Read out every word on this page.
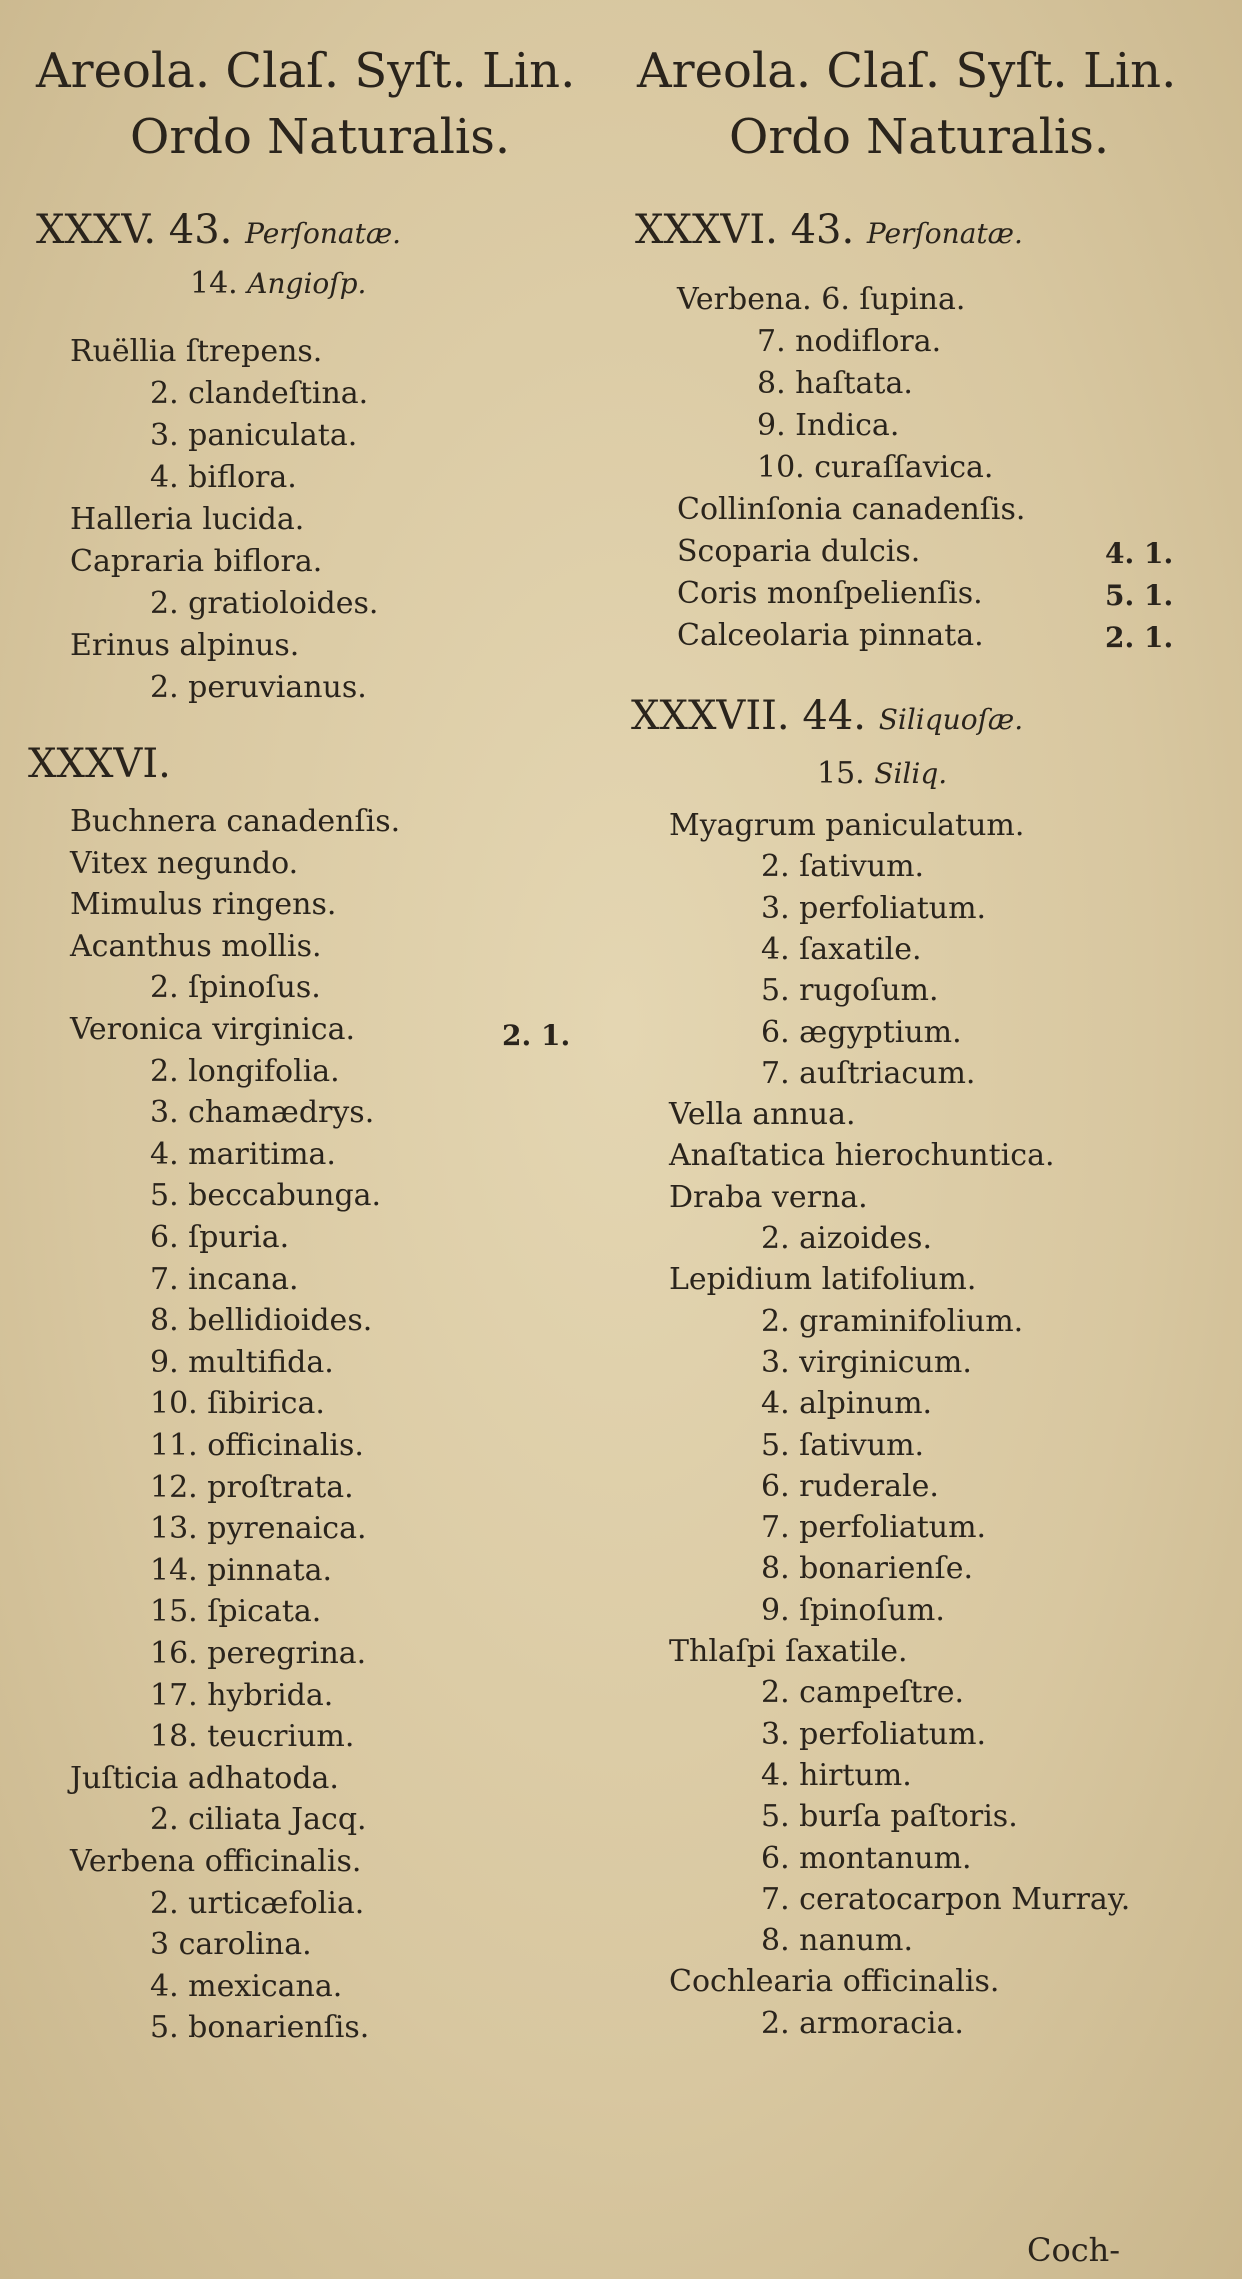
Areola. Claſ. Syſt. Lin.
Ordo Naturalis.
XXXV. 43. Perſonatæ.
14. Angioſp.
Ruëllia ſtrepens.
2. clandeſtina.
3. paniculata.
4. biflora.
Halleria lucida.
Capraria biflora.
2. gratioloides.
Erinus alpinus.
2. peruvianus.
XXXVI.
Buchnera canadenſis.
Vitex negundo.
Mimulus ringens.
Acanthus mollis.
2. ſpinoſus.
Veronica virginica.
2. longifolia.
3. chamædrys.
4. maritima.
5. beccabunga.
6. ſpuria.
7. incana.
8. bellidioides.
9. multifida.
10. ſibirica.
11. officinalis.
12. proſtrata.
13. pyrenaica.
14. pinnata.
15. ſpicata.
16. peregrina.
17. hybrida.
18. teucrium.
Juſticia adhatoda.
2. ciliata Jacq.
Verbena officinalis.
2. urticæfolia.
3 carolina.
4. mexicana.
5. bonarienſis.
2. 1.
Areola. Claſ. Syſt. Lin.
Ordo Naturalis.
XXXVI. 43. Perſonatæ.
Verbena. 6. ſupina.
7. nodiflora.
8. haſtata.
9. Indica.
10. curaſſavica.
Collinſonia canadenſis.
Scoparia dulcis.
Coris monſpelienſis.
Calceolaria pinnata.
4. 1.
5. 1.
2. 1.
XXXVII. 44. Siliquoſæ.
15. Siliq.
Myagrum paniculatum.
2. ſativum.
3. perfoliatum.
4. ſaxatile.
5. rugoſum.
6. ægyptium.
7. auſtriacum.
Vella annua.
Anaſtatica hierochuntica.
Draba verna.
2. aizoides.
Lepidium latifolium.
2. graminifolium.
3. virginicum.
4. alpinum.
5. ſativum.
6. ruderale.
7. perfoliatum.
8. bonarienſe.
9. ſpinoſum.
Thlaſpi ſaxatile.
2. campeſtre.
3. perfoliatum.
4. hirtum.
5. burſa paſtoris.
6. montanum.
7. ceratocarpon Murray.
8. nanum.
Cochlearia officinalis.
2. armoracia.
Coch-
